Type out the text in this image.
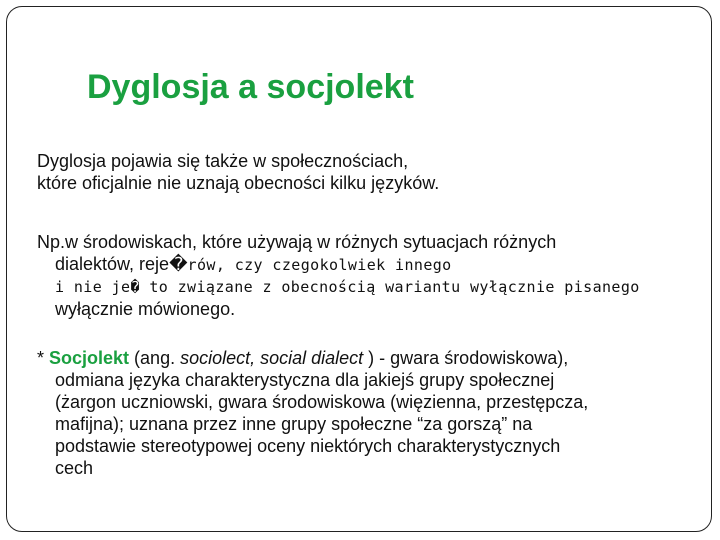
Dyglosja a socjolekt

Dyglosja pojawia się także w społecznościach,
które oficjalnie nie uznają obecności kilku języków.

Np.w środowiskach, które używają w różnych sytuacjach różnych
dialektów, reje�rów, czy czegokolwiek innego
i nie je� to związane z obecnością wariantu wyłącznie pisanego
wyłącznie mówionego.

* Socjolekt (ang. sociolect, social dialect ) - gwara środowiskowa),
odmiana języka charakterystyczna dla jakiejś grupy społecznej
(żargon uczniowski, gwara środowiskowa (więzienna, przestępcza,
mafijna); uznana przez inne grupy społeczne “za gorszą” na
podstawie stereotypowej oceny niektórych charakterystycznych
cech
